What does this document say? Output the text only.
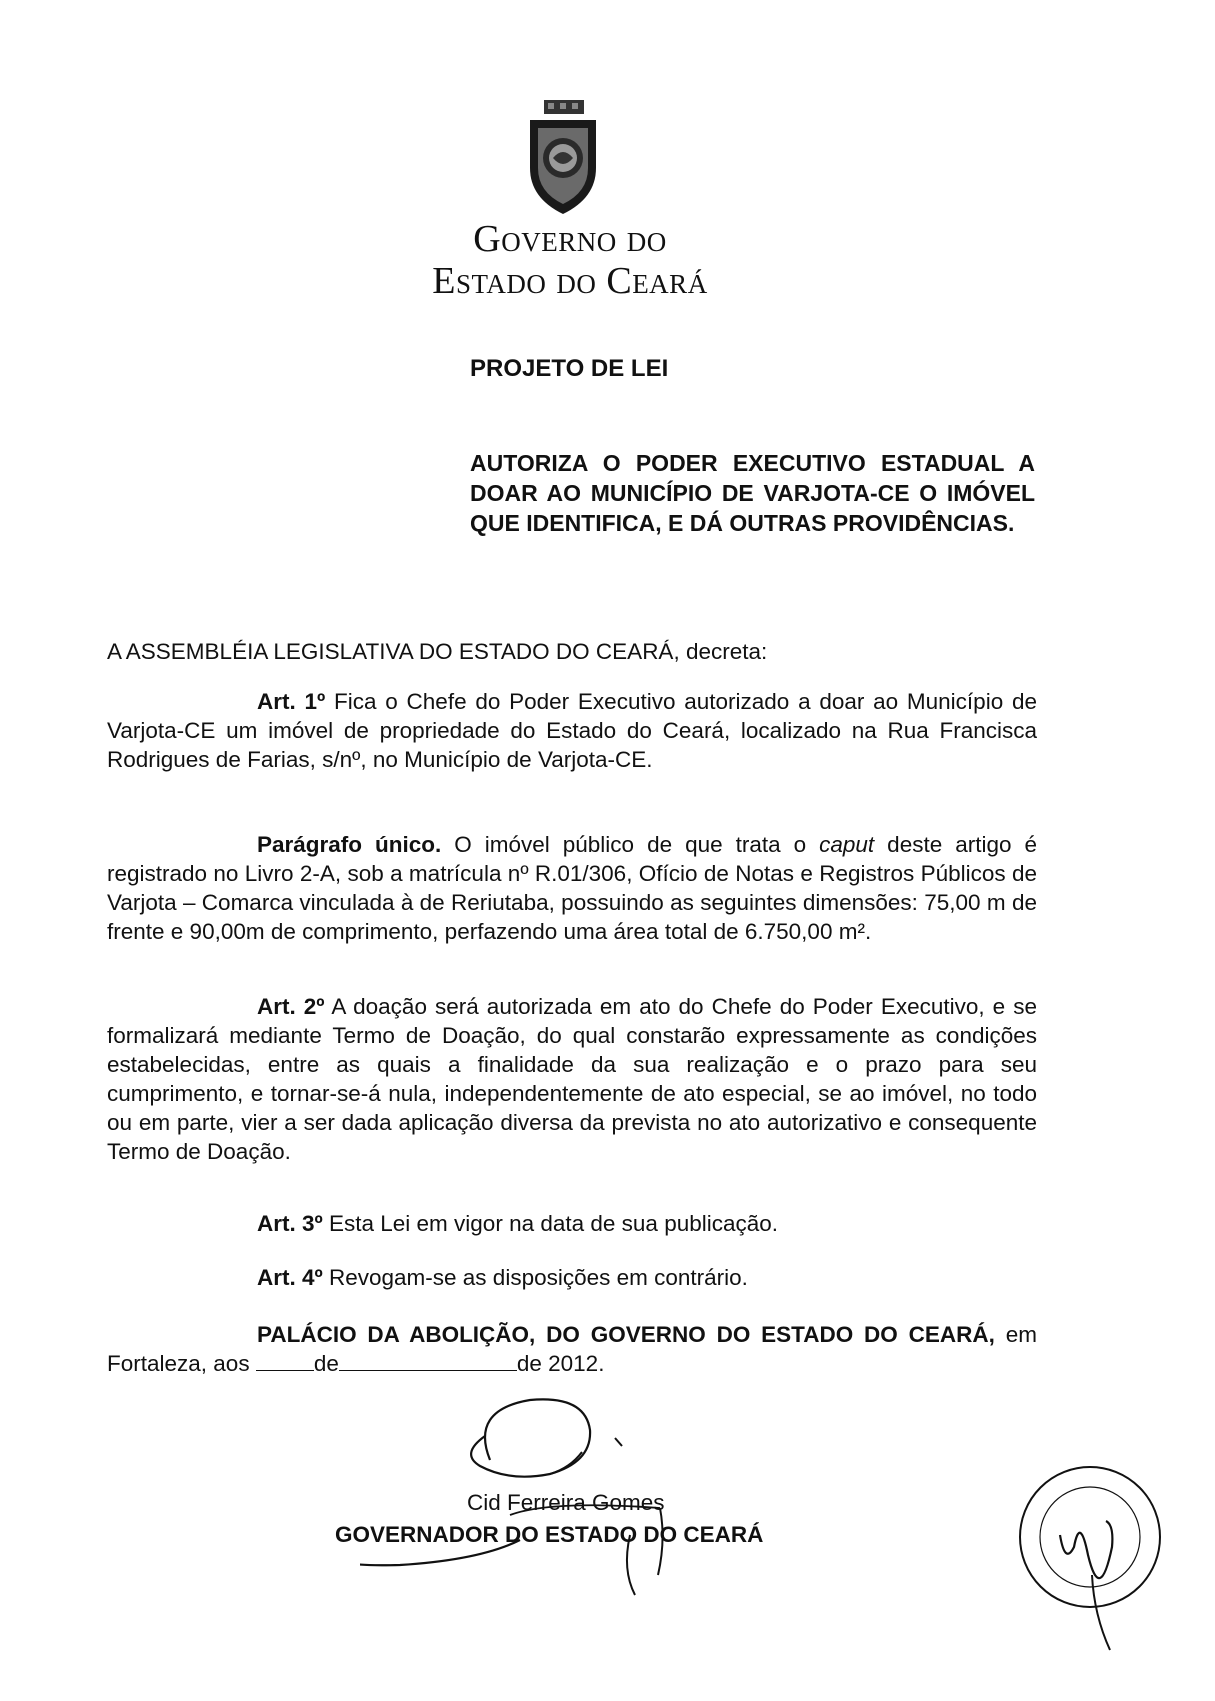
Governo do
Estado do Ceará
PROJETO DE LEI
AUTORIZA O PODER EXECUTIVO ESTADUAL A DOAR AO MUNICÍPIO DE VARJOTA-CE O IMÓVEL QUE IDENTIFICA, E DÁ OUTRAS PROVIDÊNCIAS.
A ASSEMBLÉIA LEGISLATIVA DO ESTADO DO CEARÁ, decreta:
Art. 1º Fica o Chefe do Poder Executivo autorizado a doar ao Município de Varjota-CE um imóvel de propriedade do Estado do Ceará, localizado na Rua Francisca Rodrigues de Farias, s/nº, no Município de Varjota-CE.
Parágrafo único. O imóvel público de que trata o caput deste artigo é registrado no Livro 2-A, sob a matrícula nº R.01/306, Ofício de Notas e Registros Públicos de Varjota – Comarca vinculada à de Reriutaba, possuindo as seguintes dimensões: 75,00 m de frente e 90,00m de comprimento, perfazendo uma área total de 6.750,00 m².
Art. 2º A doação será autorizada em ato do Chefe do Poder Executivo, e se formalizará mediante Termo de Doação, do qual constarão expressamente as condições estabelecidas, entre as quais a finalidade da sua realização e o prazo para seu cumprimento, e tornar-se-á nula, independentemente de ato especial, se ao imóvel, no todo ou em parte, vier a ser dada aplicação diversa da prevista no ato autorizativo e consequente Termo de Doação.
Art. 3º Esta Lei em vigor na data de sua publicação.
Art. 4º Revogam-se as disposições em contrário.
PALÁCIO DA ABOLIÇÃO, DO GOVERNO DO ESTADO DO CEARÁ, em Fortaleza, aos	de	de 2012.
Cid Ferreira Gomes
GOVERNADOR DO ESTADO DO CEARÁ
